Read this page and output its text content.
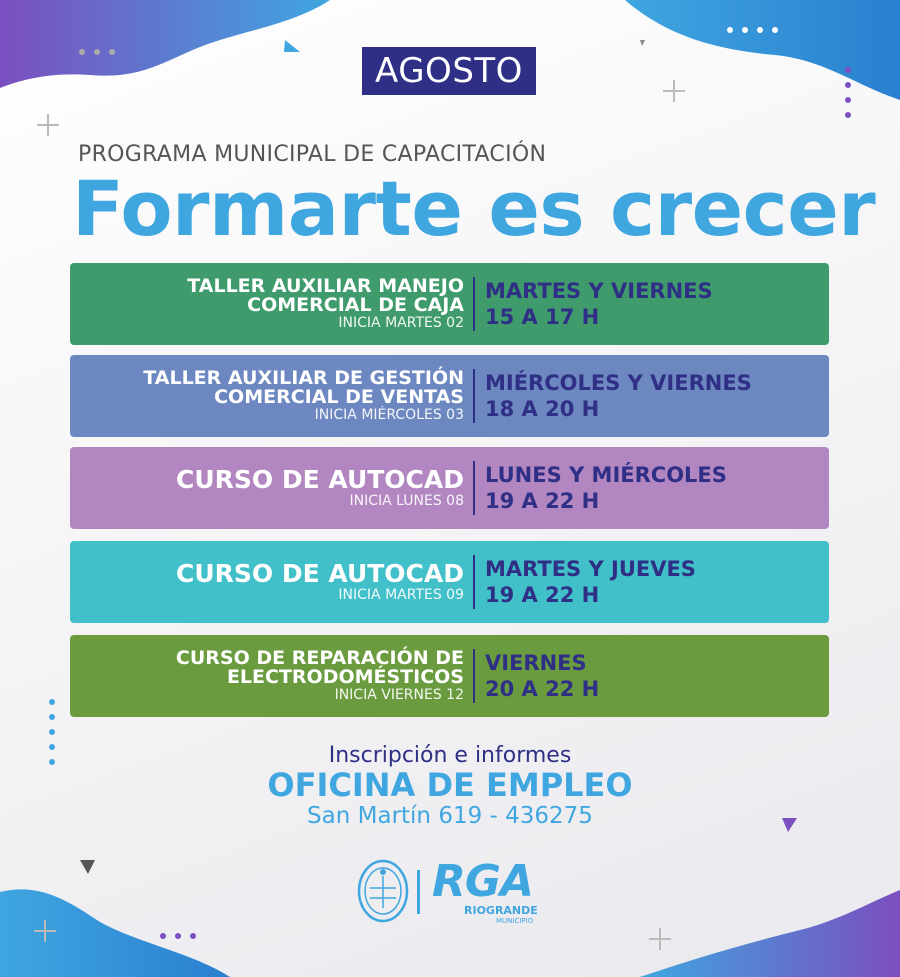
AGOSTO
PROGRAMA MUNICIPAL DE CAPACITACIÓN
Formarte es crecer
TALLER AUXILIAR MANEJO
COMERCIAL DE CAJA
INICIA MARTES 02
MARTES Y VIERNES
15 A 17 H
TALLER AUXILIAR DE GESTIÓN
COMERCIAL DE VENTAS
INICIA MIÉRCOLES 03
MIÉRCOLES Y VIERNES
18 A 20 H
CURSO DE AUTOCAD
INICIA LUNES 08
LUNES Y MIÉRCOLES
19 A 22 H
CURSO DE AUTOCAD
INICIA MARTES 09
MARTES Y JUEVES
19 A 22 H
CURSO DE REPARACIÓN DE
ELECTRODOMÉSTICOS
INICIA VIERNES 12
VIERNES
20 A 22 H
Inscripción e informes
OFICINA DE EMPLEO
San Martín 619 - 436275
RGA
RIOGRANDE
MUNICIPIO
